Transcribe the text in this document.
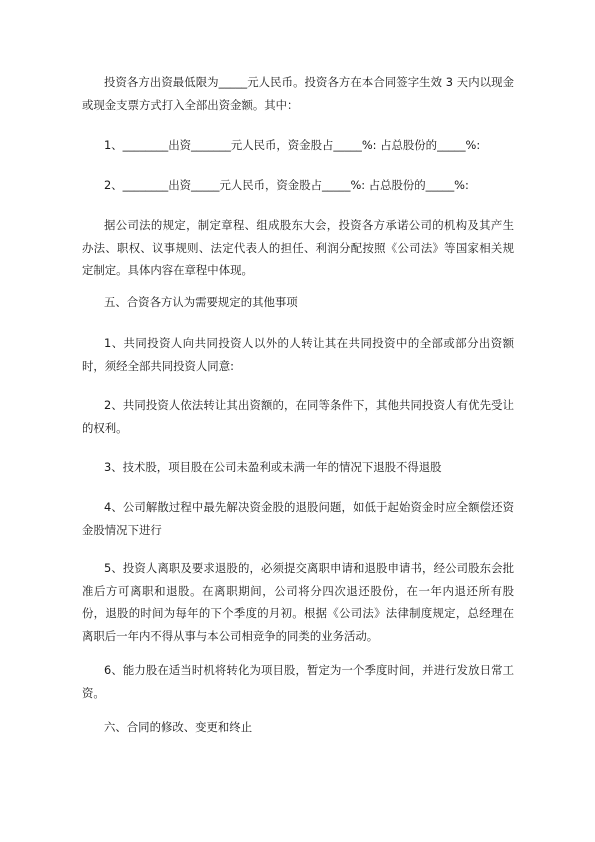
投资各方出资最低限为_____元人民币。投资各方在本合同签字生效 3 天内以现金或现金支票方式打入全部出资金额。其中：

1、________出资_______元人民币，资金股占_____%: 占总股份的_____%:

2、________出资_____元人民币，资金股占_____%: 占总股份的_____%:

据公司法的规定，制定章程、组成股东大会，投资各方承诺公司的机构及其产生办法、职权、议事规则、法定代表人的担任、利润分配按照《公司法》等国家相关规定制定。具体内容在章程中体现。

五、合资各方认为需要规定的其他事项

1、共同投资人向共同投资人以外的人转让其在共同投资中的全部或部分出资额时，须经全部共同投资人同意:

2、共同投资人依法转让其出资额的，在同等条件下，其他共同投资人有优先受让的权利。

3、技术股，项目股在公司未盈利或未满一年的情况下退股不得退股

4、公司解散过程中最先解决资金股的退股问题，如低于起始资金时应全额偿还资金股情况下进行

5、投资人离职及要求退股的，必须提交离职申请和退股申请书，经公司股东会批准后方可离职和退股。在离职期间，公司将分四次退还股份，在一年内退还所有股份，退股的时间为每年的下个季度的月初。根据《公司法》法律制度规定，总经理在离职后一年内不得从事与本公司相竞争的同类的业务活动。

6、能力股在适当时机将转化为项目股，暂定为一个季度时间，并进行发放日常工资。

六、合同的修改、变更和终止
